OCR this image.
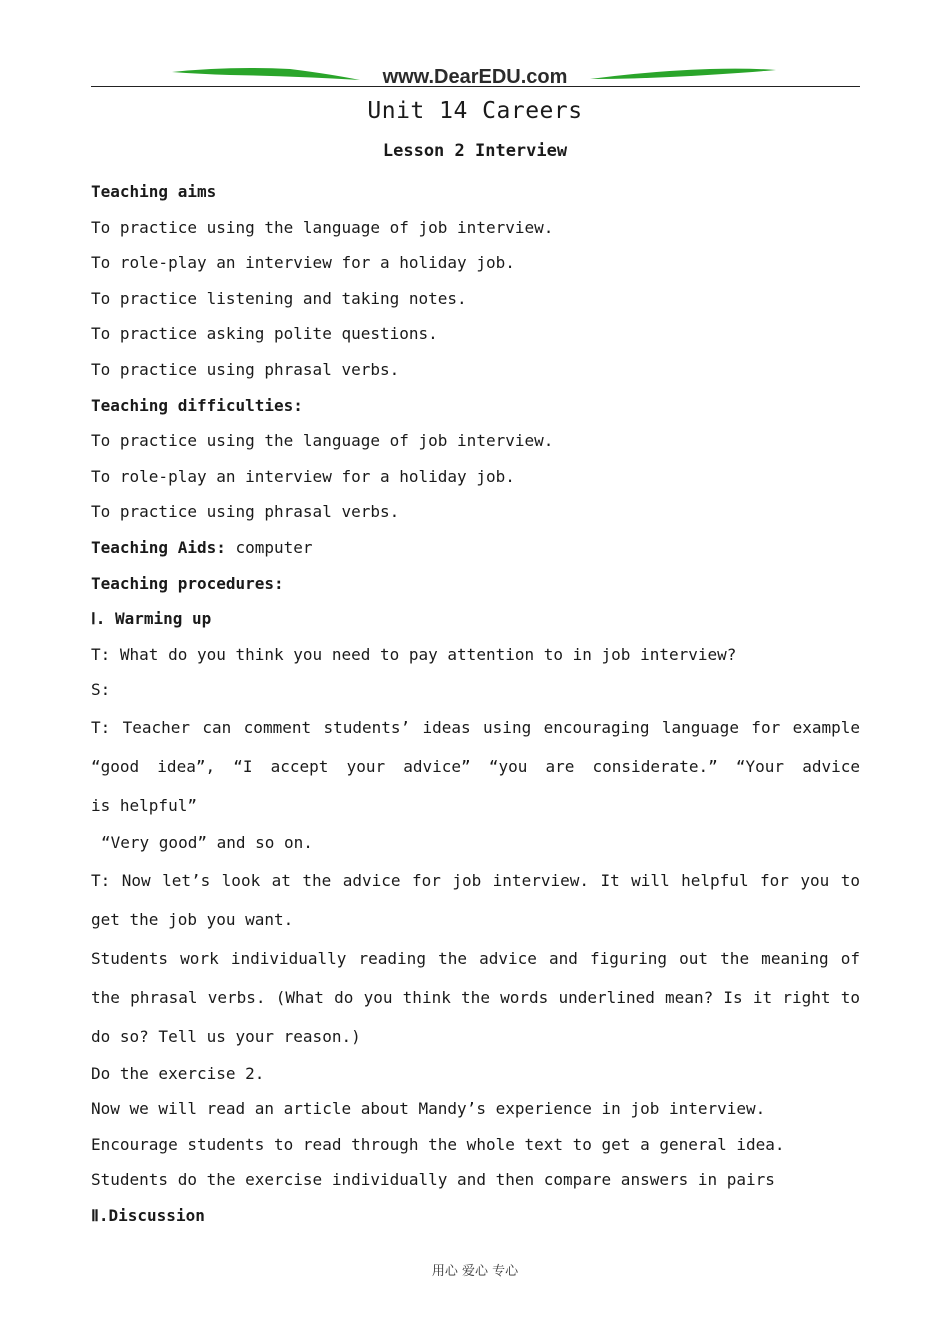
www.DearEDU.com
Unit 14 Careers
Lesson 2 Interview
Teaching aims
To practice using the language of job interview.
To role-play an interview for a holiday job.
To practice listening and taking notes.
To practice asking polite questions.
To practice using phrasal verbs.
Teaching difficulties:
To practice using the language of job interview.
To role-play an interview for a holiday job.
To practice using phrasal verbs.
Teaching Aids: computer
Teaching procedures:
Ⅰ. Warming up
T: What do you think you need to pay attention to in job interview?
S:
T: Teacher can comment students’ ideas using encouraging language for example
“good idea”, “I accept your advice” “you are considerate.” “Your advice
is helpful”
“Very good” and so on.
T: Now let’s look at the advice for job interview. It will helpful for you to
get the job you want.
Students work individually reading the advice and figuring out the meaning of
the phrasal verbs. (What do you think the words underlined mean? Is it right to
do so? Tell us your reason.)
Do the exercise 2.
Now we will read an article about Mandy’s experience in job interview.
Encourage students to read through the whole text to get a general idea.
Students do the exercise individually and then compare answers in pairs
Ⅱ.Discussion
用心 爱心 专心
